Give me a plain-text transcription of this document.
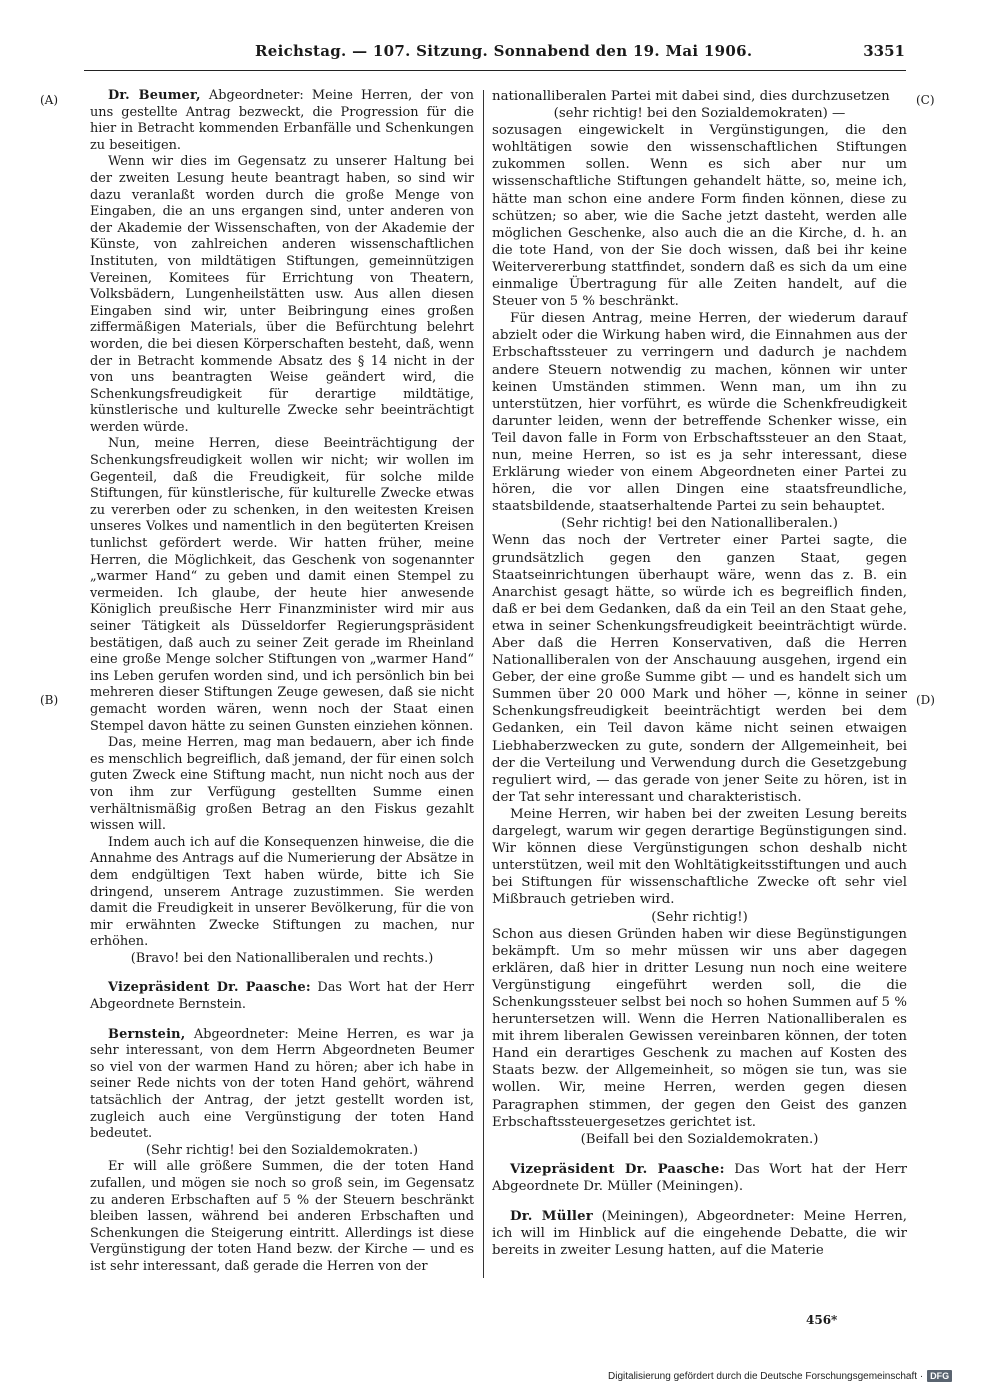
Reichstag. — 107. Sitzung. Sonnabend den 19. Mai 1906.	3351
(A)
(B)
(C)
(D)

Dr. Beumer, Abgeordneter: Meine Herren, der von uns gestellte Antrag bezweckt, die Progression für die hier in Betracht kommenden Erbanfälle und Schenkungen zu beseitigen.

Wenn wir dies im Gegensatz zu unserer Haltung bei der zweiten Lesung heute beantragt haben, so sind wir dazu veranlaßt worden durch die große Menge von Eingaben, die an uns ergangen sind, unter anderen von der Akademie der Wissenschaften, von der Akademie der Künste, von zahlreichen anderen wissenschaftlichen Instituten, von mildtätigen Stiftungen, gemeinnützigen Vereinen, Komitees für Errichtung von Theatern, Volksbädern, Lungenheilstätten usw. Aus allen diesen Eingaben sind wir, unter Beibringung eines großen ziffermäßigen Materials, über die Befürchtung belehrt worden, die bei diesen Körperschaften besteht, daß, wenn der in Betracht kommende Absatz des § 14 nicht in der von uns beantragten Weise geändert wird, die Schenkungsfreudigkeit für derartige mildtätige, künstlerische und kulturelle Zwecke sehr beeinträchtigt werden würde.

Nun, meine Herren, diese Beeinträchtigung der Schenkungsfreudigkeit wollen wir nicht; wir wollen im Gegenteil, daß die Freudigkeit, für solche milde Stiftungen, für künstlerische, für kulturelle Zwecke etwas zu vererben oder zu schenken, in den weitesten Kreisen unseres Volkes und namentlich in den begüterten Kreisen tunlichst gefördert werde. Wir hatten früher, meine Herren, die Möglichkeit, das Geschenk von sogenannter „warmer Hand“ zu geben und damit einen Stempel zu vermeiden. Ich glaube, der heute hier anwesende Königlich preußische Herr Finanzminister wird mir aus seiner Tätigkeit als Düsseldorfer Regierungspräsident bestätigen, daß auch zu seiner Zeit gerade im Rheinland eine große Menge solcher Stiftungen von „warmer Hand“ ins Leben gerufen worden sind, und ich persönlich bin bei mehreren dieser Stiftungen Zeuge gewesen, daß sie nicht gemacht worden wären, wenn noch der Staat einen Stempel davon hätte zu seinen Gunsten einziehen können.

Das, meine Herren, mag man bedauern, aber ich finde es menschlich begreiflich, daß jemand, der für einen solch guten Zweck eine Stiftung macht, nun nicht noch aus der von ihm zur Verfügung gestellten Summe einen verhältnismäßig großen Betrag an den Fiskus gezahlt wissen will.

Indem auch ich auf die Konsequenzen hinweise, die die Annahme des Antrags auf die Numerierung der Absätze in dem endgültigen Text haben würde, bitte ich Sie dringend, unserem Antrage zuzustimmen. Sie werden damit die Freudigkeit in unserer Bevölkerung, für die von mir erwähnten Zwecke Stiftungen zu machen, nur erhöhen.

(Bravo! bei den Nationalliberalen und rechts.)

Vizepräsident Dr. Paasche: Das Wort hat der Herr Abgeordnete Bernstein.

Bernstein, Abgeordneter: Meine Herren, es war ja sehr interessant, von dem Herrn Abgeordneten Beumer so viel von der warmen Hand zu hören; aber ich habe in seiner Rede nichts von der toten Hand gehört, während tatsächlich der Antrag, der jetzt gestellt worden ist, zugleich auch eine Vergünstigung der toten Hand bedeutet.

(Sehr richtig! bei den Sozialdemokraten.)

Er will alle größere Summen, die der toten Hand zufallen, und mögen sie noch so groß sein, im Gegensatz zu anderen Erbschaften auf 5 % der Steuern beschränkt bleiben lassen, während bei anderen Erbschaften und Schenkungen die Steigerung eintritt. Allerdings ist diese Vergünstigung der toten Hand bezw. der Kirche — und es ist sehr interessant, daß gerade die Herren von der

nationalliberalen Partei mit dabei sind, dies durchzusetzen

(sehr richtig! bei den Sozialdemokraten) —

sozusagen eingewickelt in Vergünstigungen, die den wohltätigen sowie den wissenschaftlichen Stiftungen zukommen sollen. Wenn es sich aber nur um wissenschaftliche Stiftungen gehandelt hätte, so, meine ich, hätte man schon eine andere Form finden können, diese zu schützen; so aber, wie die Sache jetzt dasteht, werden alle möglichen Geschenke, also auch die an die Kirche, d. h. an die tote Hand, von der Sie doch wissen, daß bei ihr keine Weitervererbung stattfindet, sondern daß es sich da um eine einmalige Übertragung für alle Zeiten handelt, auf die Steuer von 5 % beschränkt.

Für diesen Antrag, meine Herren, der wiederum darauf abzielt oder die Wirkung haben wird, die Einnahmen aus der Erbschaftssteuer zu verringern und dadurch je nachdem andere Steuern notwendig zu machen, können wir unter keinen Umständen stimmen. Wenn man, um ihn zu unterstützen, hier vorführt, es würde die Schenkfreudigkeit darunter leiden, wenn der betreffende Schenker wisse, ein Teil davon falle in Form von Erbschaftssteuer an den Staat, nun, meine Herren, so ist es ja sehr interessant, diese Erklärung wieder von einem Abgeordneten einer Partei zu hören, die vor allen Dingen eine staatsfreundliche, staatsbildende, staatserhaltende Partei zu sein behauptet.

(Sehr richtig! bei den Nationalliberalen.)

Wenn das noch der Vertreter einer Partei sagte, die grundsätzlich gegen den ganzen Staat, gegen Staatseinrichtungen überhaupt wäre, wenn das z. B. ein Anarchist gesagt hätte, so würde ich es begreiflich finden, daß er bei dem Gedanken, daß da ein Teil an den Staat gehe, etwa in seiner Schenkungsfreudigkeit beeinträchtigt würde. Aber daß die Herren Konservativen, daß die Herren Nationalliberalen von der Anschauung ausgehen, irgend ein Geber, der eine große Summe gibt — und es handelt sich um Summen über 20 000 Mark und höher —, könne in seiner Schenkungsfreudigkeit beeinträchtigt werden bei dem Gedanken, ein Teil davon käme nicht seinen etwaigen Liebhaberzwecken zu gute, sondern der Allgemeinheit, bei der die Verteilung und Verwendung durch die Gesetzgebung reguliert wird, — das gerade von jener Seite zu hören, ist in der Tat sehr interessant und charakteristisch.

Meine Herren, wir haben bei der zweiten Lesung bereits dargelegt, warum wir gegen derartige Begünstigungen sind. Wir können diese Vergünstigungen schon deshalb nicht unterstützen, weil mit den Wohltätigkeitsstiftungen und auch bei Stiftungen für wissenschaftliche Zwecke oft sehr viel Mißbrauch getrieben wird.

(Sehr richtig!)

Schon aus diesen Gründen haben wir diese Begünstigungen bekämpft. Um so mehr müssen wir uns aber dagegen erklären, daß hier in dritter Lesung nun noch eine weitere Vergünstigung eingeführt werden soll, die die Schenkungssteuer selbst bei noch so hohen Summen auf 5 % heruntersetzen will. Wenn die Herren Nationalliberalen es mit ihrem liberalen Gewissen vereinbaren können, der toten Hand ein derartiges Geschenk zu machen auf Kosten des Staats bezw. der Allgemeinheit, so mögen sie tun, was sie wollen. Wir, meine Herren, werden gegen diesen Paragraphen stimmen, der gegen den Geist des ganzen Erbschaftssteuergesetzes gerichtet ist.

(Beifall bei den Sozialdemokraten.)

Vizepräsident Dr. Paasche: Das Wort hat der Herr Abgeordnete Dr. Müller (Meiningen).

Dr. Müller (Meiningen), Abgeordneter: Meine Herren, ich will im Hinblick auf die eingehende Debatte, die wir bereits in zweiter Lesung hatten, auf die Materie

Digitalisierung gefördert durch die Deutsche Forschungsgemeinschaft · DFG
456*
